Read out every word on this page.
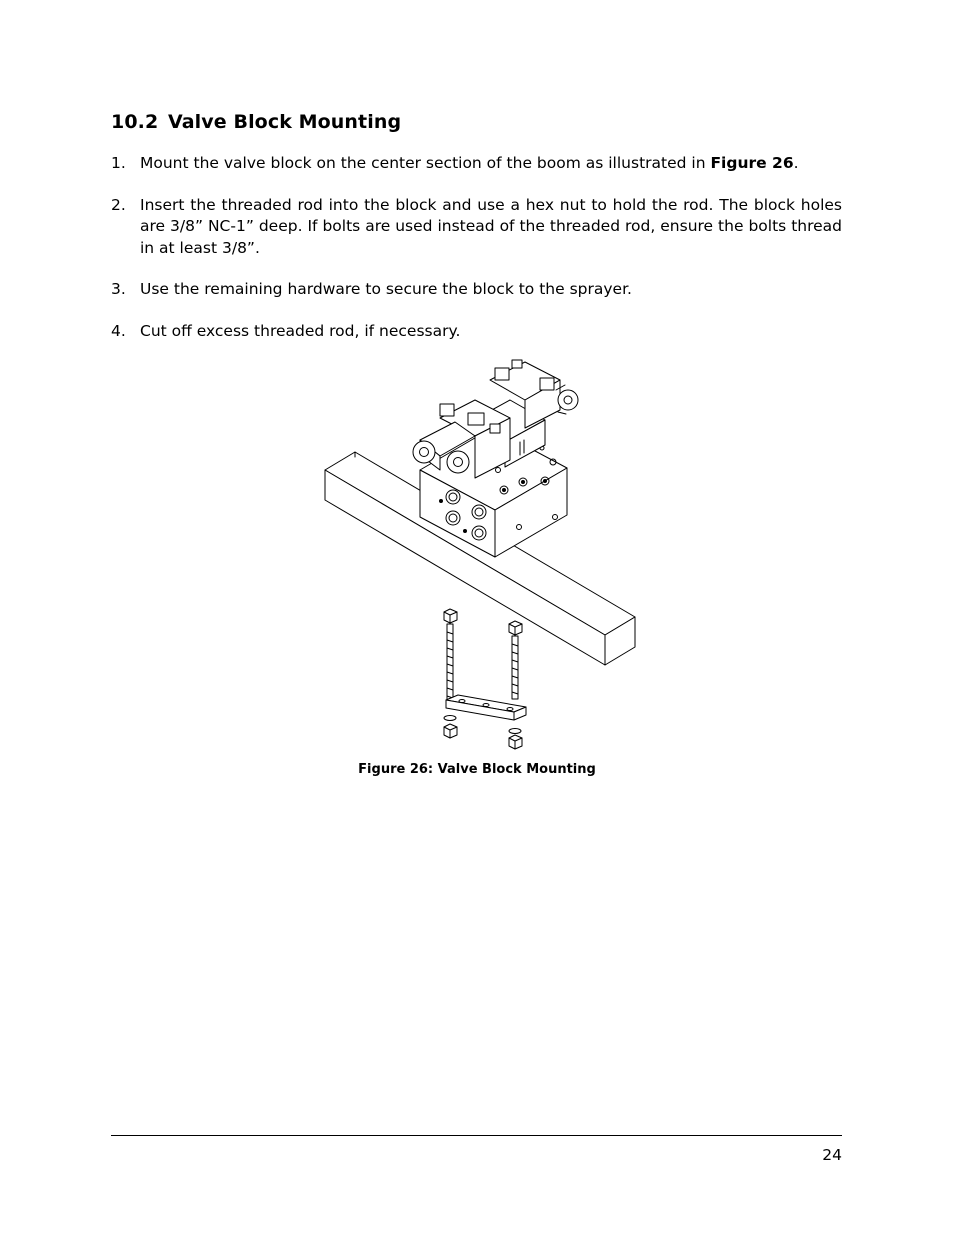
10.2 Valve Block Mounting
1. Mount the valve block on the center section of the boom as illustrated in Figure 26.
2. Insert the threaded rod into the block and use a hex nut to hold the rod. The block holes are 3/8” NC-1” deep. If bolts are used instead of the threaded rod, ensure the bolts thread in at least 3/8”.
3. Use the remaining hardware to secure the block to the sprayer.
4. Cut off excess threaded rod, if necessary.
Figure 26: Valve Block Mounting
24
